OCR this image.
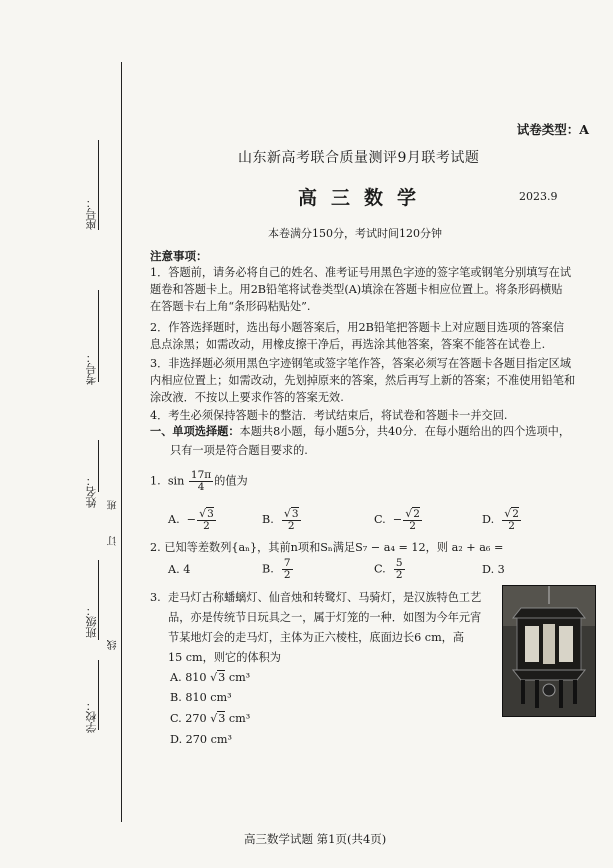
座号：
考号：
姓名：
订
班
线
班级：
学校：
试卷类型：A
山东新高考联合质量测评9月联考试题
高三数学	2023.9
本卷满分150分，考试时间120分钟
注意事项：
1．答题前，请务必将自己的姓名、准考证号用黑色字迹的签字笔或钢笔分别填写在试
题卷和答题卡上。用2B铅笔将试卷类型(A)填涂在答题卡相应位置上。将条形码横贴
在答题卡右上角“条形码粘贴处”.
2．作答选择题时，选出每小题答案后，用2B铅笔把答题卡上对应题目选项的答案信
息点涂黑；如需改动，用橡皮擦干净后，再选涂其他答案，答案不能答在试卷上.
3．非选择题必须用黑色字迹钢笔或签字笔作答，答案必须写在答题卡各题目指定区域
内相应位置上；如需改动，先划掉原来的答案，然后再写上新的答案；不准使用铅笔和
涂改液．不按以上要求作答的答案无效.
4．考生必须保持答题卡的整洁．考试结束后，将试卷和答题卡一并交回.
一、单项选择题：本题共8小题，每小题5分，共40分．在每小题给出的四个选项中，
只有一项是符合题目要求的.
1. $\sin \frac{17\pi}{4}$ 的值为
A. − $\frac{√3}{2}$	B. $\frac{√3}{2}$	C. − $\frac{√2}{2}$	D. $\frac{√2}{2}$
2. 已知等差数列{aₙ}，其前n项和Sₙ满足S₇ − a₄ = 12，则 a₂ + a₆ =
A. 4	B. $\frac{7}{2}$	C. $\frac{5}{2}$	D. 3
3. 走马灯古称蟠螭灯、仙音烛和转鹭灯、马骑灯，是汉族特色工艺
品，亦是传统节日玩具之一，属于灯笼的一种．如图为今年元宵
节某地灯会的走马灯，主体为正六棱柱，底面边长6 cm，高
15 cm，则它的体积为
A. 810 √3 cm³
B. 810 cm³
C. 270 √3 cm³
D. 270 cm³
高三数学试题 第1页(共4页)
